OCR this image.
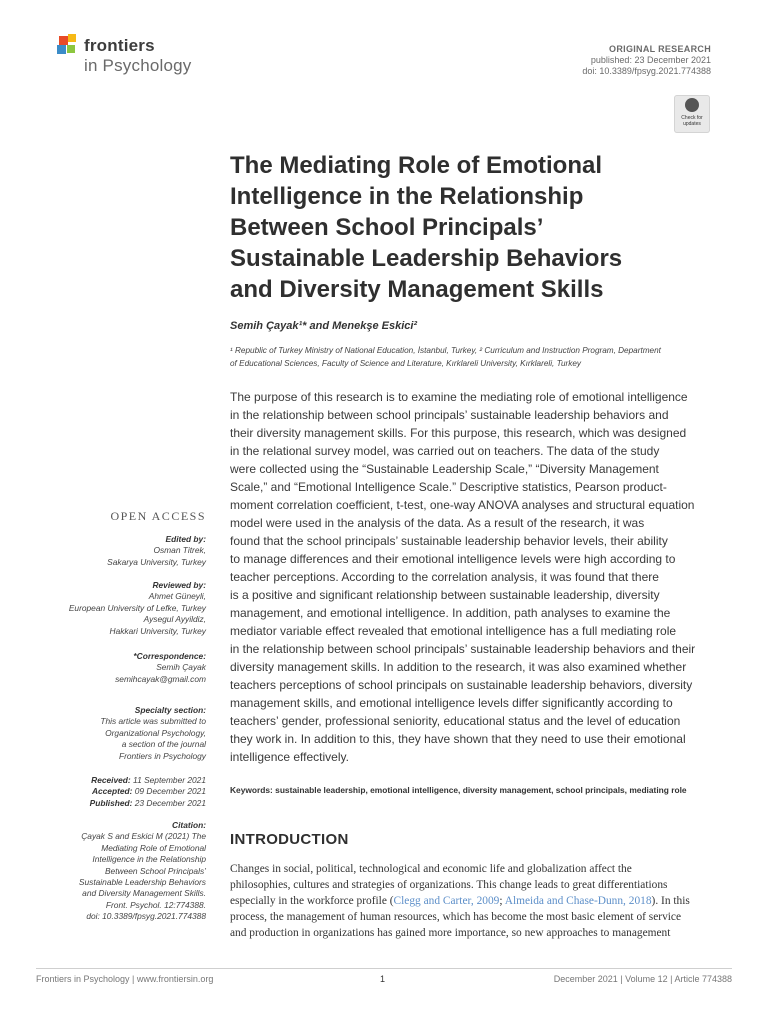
frontiers
in Psychology
ORIGINAL RESEARCH
published: 23 December 2021
doi: 10.3389/fpsyg.2021.774388
Check for updates
The Mediating Role of Emotional
Intelligence in the Relationship
Between School Principals’
Sustainable Leadership Behaviors
and Diversity Management Skills
Semih Çayak¹* and Menekşe Eskici²
¹ Republic of Turkey Ministry of National Education, İstanbul, Turkey, ² Curriculum and Instruction Program, Department
of Educational Sciences, Faculty of Science and Literature, Kırklareli University, Kırklareli, Turkey
The purpose of this research is to examine the mediating role of emotional intelligence
in the relationship between school principals’ sustainable leadership behaviors and
their diversity management skills. For this purpose, this research, which was designed
in the relational survey model, was carried out on teachers. The data of the study
were collected using the “Sustainable Leadership Scale,” “Diversity Management
Scale,” and “Emotional Intelligence Scale.” Descriptive statistics, Pearson product-
moment correlation coefficient, t-test, one-way ANOVA analyses and structural equation
model were used in the analysis of the data. As a result of the research, it was
found that the school principals’ sustainable leadership behavior levels, their ability
to manage differences and their emotional intelligence levels were high according to
teacher perceptions. According to the correlation analysis, it was found that there
is a positive and significant relationship between sustainable leadership, diversity
management, and emotional intelligence. In addition, path analyses to examine the
mediator variable effect revealed that emotional intelligence has a full mediating role
in the relationship between school principals’ sustainable leadership behaviors and their
diversity management skills. In addition to the research, it was also examined whether
teachers perceptions of school principals on sustainable leadership behaviors, diversity
management skills, and emotional intelligence levels differ significantly according to
teachers’ gender, professional seniority, educational status and the level of education
they work in. In addition to this, they have shown that they need to use their emotional
intelligence effectively.
Keywords: sustainable leadership, emotional intelligence, diversity management, school principals, mediating role
INTRODUCTION
Changes in social, political, technological and economic life and globalization affect the
philosophies, cultures and strategies of organizations. This change leads to great differentiations
especially in the workforce profile (Clegg and Carter, 2009; Almeida and Chase-Dunn, 2018). In this
process, the management of human resources, which has become the most basic element of service
and production in organizations has gained more importance, so new approaches to management
OPEN ACCESS
Edited by:
Osman Titrek,
Sakarya University, Turkey
Reviewed by:
Ahmet Güneyli,
European University of Lefke, Turkey
Aysegul Ayyildiz,
Hakkari University, Turkey
*Correspondence:
Semih Çayak
semihcayak@gmail.com
Specialty section:
This article was submitted to
Organizational Psychology,
a section of the journal
Frontiers in Psychology
Received: 11 September 2021
Accepted: 09 December 2021
Published: 23 December 2021
Citation:
Çayak S and Eskici M (2021) The
Mediating Role of Emotional
Intelligence in the Relationship
Between School Principals’
Sustainable Leadership Behaviors
and Diversity Management Skills.
Front. Psychol. 12:774388.
doi: 10.3389/fpsyg.2021.774388
Frontiers in Psychology | www.frontiersin.org	1	December 2021 | Volume 12 | Article 774388
